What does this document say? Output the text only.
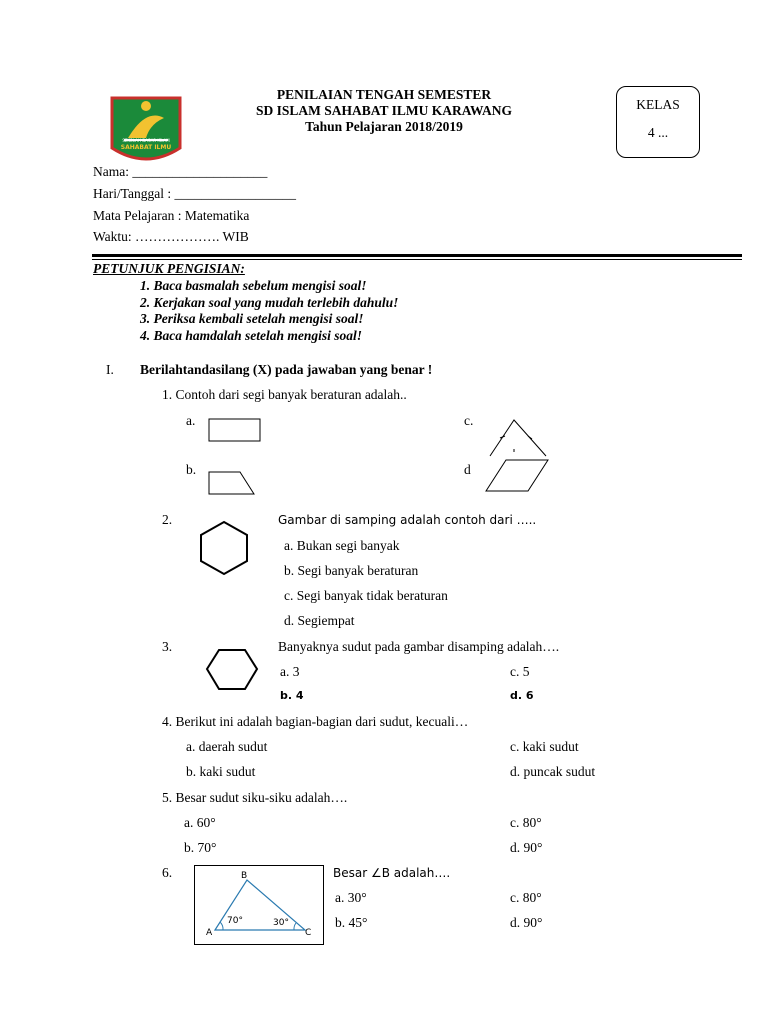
SEKOLAH DASAR ISLAM
SAHABAT ILMU
PENILAIAN TENGAH SEMESTER
SD ISLAM SAHABAT ILMU KARAWANG
Tahun Pelajaran 2018/2019
KELAS
4 ...
Nama: ____________________
Hari/Tanggal : __________________
Mata Pelajaran : Matematika
Waktu: ………………. WIB
PETUNJUK PENGISIAN:
1. Baca basmalah sebelum mengisi soal!
2. Kerjakan soal yang mudah terlebih dahulu!
3. Periksa kembali setelah mengisi soal!
4. Baca hamdalah setelah mengisi soal!
I. Berilahtandasilang (X) pada jawaban yang benar !
1. Contoh dari segi banyak beraturan adalah..
a.	c.
b.	d
2.	Gambar di samping adalah contoh dari …..
a. Bukan segi banyak
b. Segi banyak beraturan
c. Segi banyak tidak beraturan
d. Segiempat
3.	Banyaknya sudut pada gambar disamping adalah….
a. 3	c. 5
b. 4	d. 6
4. Berikut ini adalah bagian-bagian dari sudut, kecuali…
a. daerah sudut	c. kaki sudut
b. kaki sudut	d. puncak sudut
5. Besar sudut siku-siku adalah….
a. 60°	c. 80°
b. 70°	d. 90°
6.	B
A	C
70°	30°
Besar ∠B adalah….
a. 30°	c. 80°
b. 45°	d. 90°
